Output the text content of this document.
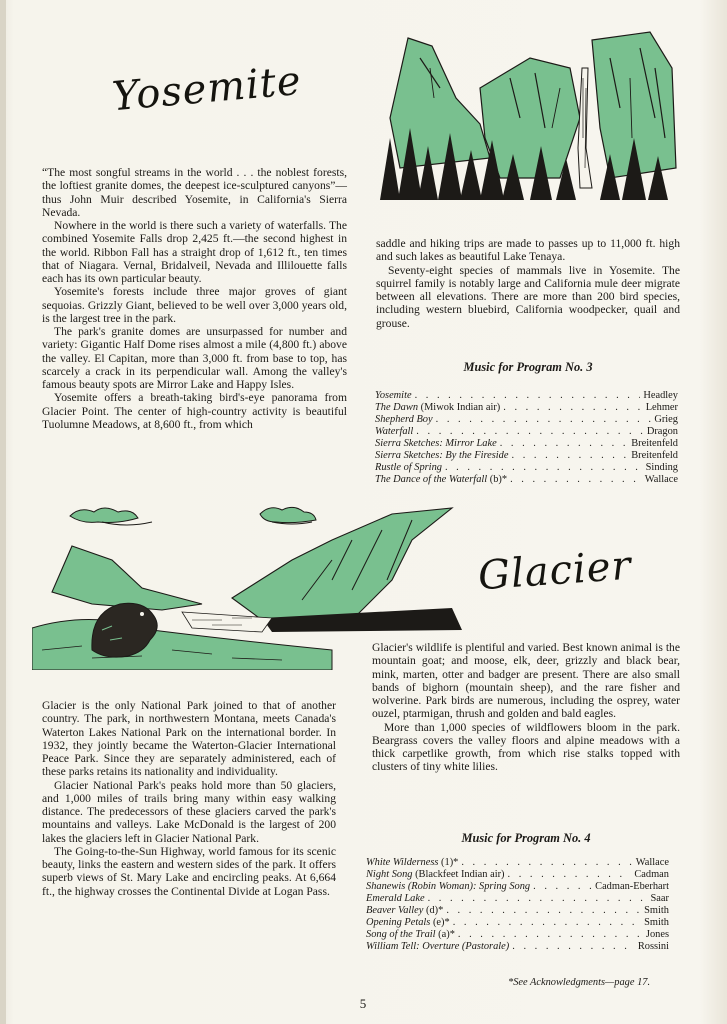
Yosemite

“The most songful streams in the world . . . the noblest forests, the loftiest granite domes, the deepest ice-sculptured canyons”—thus John Muir described Yosemite, in California's Sierra Nevada.

Nowhere in the world is there such a variety of waterfalls. The combined Yosemite Falls drop 2,425 ft.—the second highest in the world. Ribbon Fall has a straight drop of 1,612 ft., ten times that of Niagara. Vernal, Bridalveil, Nevada and Illilouette falls each has its own particular beauty.

Yosemite's forests include three major groves of giant sequoias. Grizzly Giant, believed to be well over 3,000 years old, is the largest tree in the park.

The park's granite domes are unsurpassed for number and variety: Gigantic Half Dome rises almost a mile (4,800 ft.) above the valley. El Capitan, more than 3,000 ft. from base to top, has scarcely a crack in its perpendicular wall. Among the valley's famous beauty spots are Mirror Lake and Happy Isles.

Yosemite offers a breath-taking bird's-eye panorama from Glacier Point. The center of high-country activity is beautiful Tuolumne Meadows, at 8,600 ft., from which

saddle and hiking trips are made to passes up to 11,000 ft. high and such lakes as beautiful Lake Tenaya.

Seventy-eight species of mammals live in Yosemite. The squirrel family is notably large and California mule deer migrate between all elevations. There are more than 200 bird species, including western bluebird, California woodpecker, quail and grouse.

Music for Program No. 3
Yosemite . . .	Headley
The Dawn (Miwok Indian air) . . .	Lehmer
Shepherd Boy . . .	Grieg
Waterfall . . .	Dragon
Sierra Sketches: Mirror Lake . . .	Breitenfeld
Sierra Sketches: By the Fireside . . .	Breitenfeld
Rustle of Spring . . .	Sinding
The Dance of the Waterfall (b)* . . .	Wallace
Glacier

Glacier's wildlife is plentiful and varied. Best known animal is the mountain goat; and moose, elk, deer, grizzly and black bear, mink, marten, otter and badger are present. There are also small bands of bighorn (mountain sheep), and the rare fisher and wolverine. Park birds are numerous, including the osprey, water ouzel, ptarmigan, thrush and golden and bald eagles.

More than 1,000 species of wildflowers bloom in the park. Beargrass covers the valley floors and alpine meadows with a thick carpetlike growth, from which rise stalks topped with clusters of tiny white lilies.

Glacier is the only National Park joined to that of another country. The park, in northwestern Montana, meets Canada's Waterton Lakes National Park on the international border. In 1932, they jointly became the Waterton-Glacier International Peace Park. Since they are separately administered, each of these parks retains its nationality and individuality.

Glacier National Park's peaks hold more than 50 glaciers, and 1,000 miles of trails bring many within easy walking distance. The predecessors of these glaciers carved the park's mountains and valleys. Lake McDonald is the largest of 200 lakes the glaciers left in Glacier National Park.

The Going-to-the-Sun Highway, world famous for its scenic beauty, links the eastern and western sides of the park. It offers superb views of St. Mary Lake and encircling peaks. At 6,664 ft., the highway crosses the Continental Divide at Logan Pass.

Music for Program No. 4
White Wilderness (1)* . . .	Wallace
Night Song (Blackfeet Indian air) . . .	Cadman
Shanewis (Robin Woman): Spring Song . . .	Cadman-Eberhart
Emerald Lake . . .	Saar
Beaver Valley (d)* . . .	Smith
Opening Petals (e)* . . .	Smith
Song of the Trail (a)* . . .	Jones
William Tell: Overture (Pastorale) . . .	Rossini
*See Acknowledgments—page 17.
5
